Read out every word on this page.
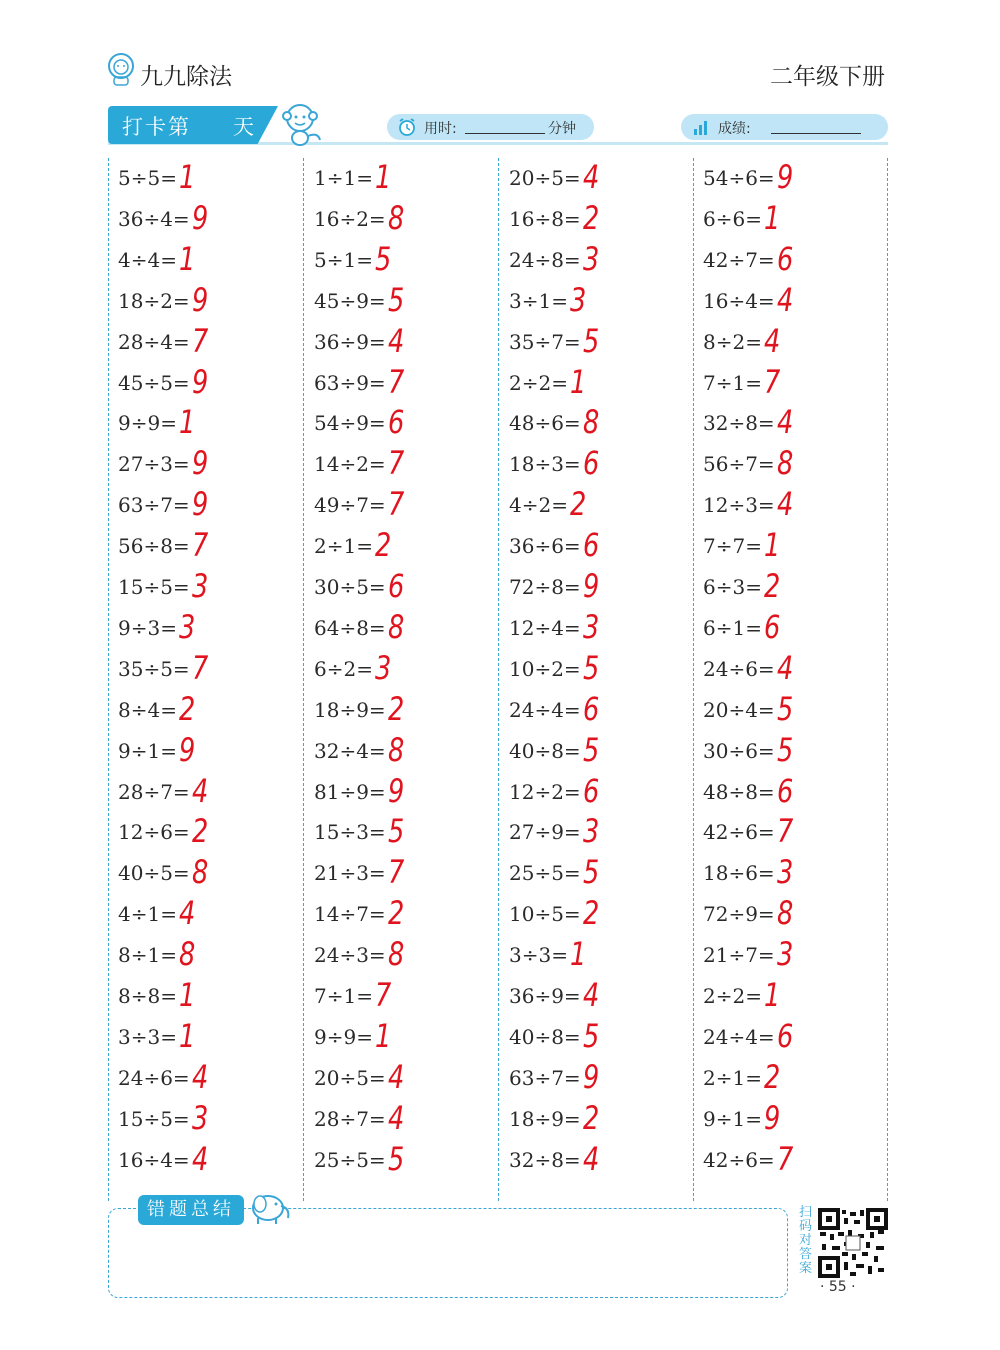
九九除法	二年级下册
打卡第 天	用时:	分钟	成绩:
5÷5= 1
36÷4= 9
4÷4= 1
18÷2= 9
28÷4= 7
45÷5= 9
9÷9= 1
27÷3= 9
63÷7= 9
56÷8= 7
15÷5= 3
9÷3= 3
35÷5= 7
8÷4= 2
9÷1= 9
28÷7= 4
12÷6= 2
40÷5= 8
4÷1= 4
8÷1= 8
8÷8= 1
3÷3= 1
24÷6= 4
15÷5= 3
16÷4= 4
1÷1= 1
16÷2= 8
5÷1= 5
45÷9= 5
36÷9= 4
63÷9= 7
54÷9= 6
14÷2= 7
49÷7= 7
2÷1= 2
30÷5= 6
64÷8= 8
6÷2= 3
18÷9= 2
32÷4= 8
81÷9= 9
15÷3= 5
21÷3= 7
14÷7= 2
24÷3= 8
7÷1= 7
9÷9= 1
20÷5= 4
28÷7= 4
25÷5= 5
20÷5= 4
16÷8= 2
24÷8= 3
3÷1= 3
35÷7= 5
2÷2= 1
48÷6= 8
18÷3= 6
4÷2= 2
36÷6= 6
72÷8= 9
12÷4= 3
10÷2= 5
24÷4= 6
40÷8= 5
12÷2= 6
27÷9= 3
25÷5= 5
10÷5= 2
3÷3= 1
36÷9= 4
40÷8= 5
63÷7= 9
18÷9= 2
32÷8= 4
54÷6= 9
6÷6= 1
42÷7= 6
16÷4= 4
8÷2= 4
7÷1= 7
32÷8= 4
56÷7= 8
12÷3= 4
7÷7= 1
6÷3= 2
6÷1= 6
24÷6= 4
20÷4= 5
30÷6= 5
48÷8= 6
42÷6= 7
18÷6= 3
72÷9= 8
21÷7= 3
2÷2= 1
24÷4= 6
2÷1= 2
9÷1= 9
42÷6= 7
错题总结	扫码对答案
· 55 ·
